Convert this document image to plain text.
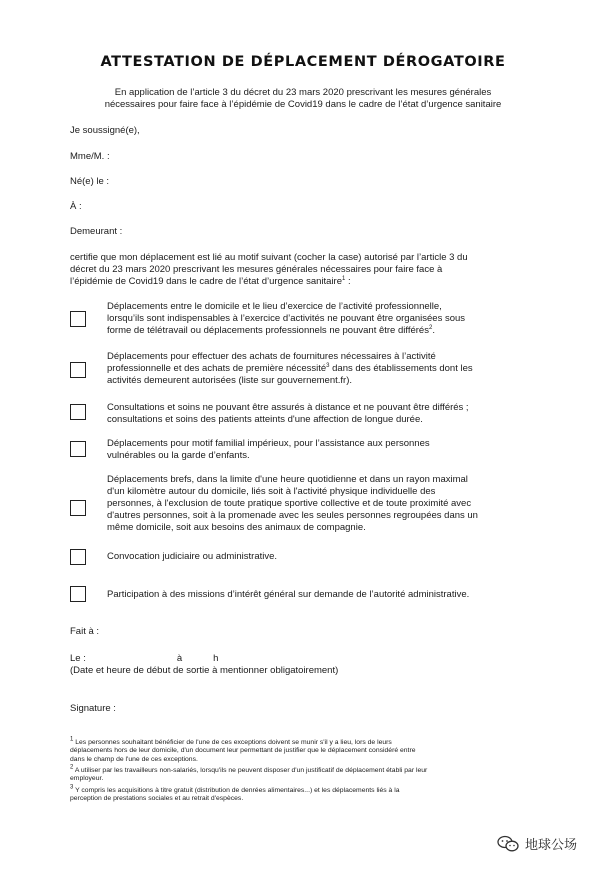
ATTESTATION DE DÉPLACEMENT DÉROGATOIRE
En application de l’article 3 du décret du 23 mars 2020 prescrivant les mesures générales
nécessaires pour faire face à l’épidémie de Covid19 dans le cadre de l’état d’urgence sanitaire
Je soussigné(e),
Mme/M. :
Né(e) le :
À :
Demeurant :
certifie que mon déplacement est lié au motif suivant (cocher la case) autorisé par l’article 3 du
décret du 23 mars 2020 prescrivant les mesures générales nécessaires pour faire face à
l’épidémie de Covid19 dans le cadre de l’état d’urgence sanitaire$^1$ :
Déplacements entre le domicile et le lieu d’exercice de l’activité professionnelle,
lorsqu’ils sont indispensables à l’exercice d’activités ne pouvant être organisées sous
forme de télétravail ou déplacements professionnels ne pouvant être différés$^2$.
Déplacements pour effectuer des achats de fournitures nécessaires à l’activité
professionnelle et des achats de première nécessité$^3$ dans des établissements dont les
activités demeurent autorisées (liste sur gouvernement.fr).
Consultations et soins ne pouvant être assurés à distance et ne pouvant être différés ;
consultations et soins des patients atteints d'une affection de longue durée.
Déplacements pour motif familial impérieux, pour l’assistance aux personnes
vulnérables ou la garde d’enfants.
Déplacements brefs, dans la limite d'une heure quotidienne et dans un rayon maximal
d'un kilomètre autour du domicile, liés soit à l'activité physique individuelle des
personnes, à l'exclusion de toute pratique sportive collective et de toute proximité avec
d'autres personnes, soit à la promenade avec les seules personnes regroupées dans un
même domicile, soit aux besoins des animaux de compagnie.
Convocation judiciaire ou administrative.
Participation à des missions d’intérêt général sur demande de l’autorité administrative.
Fait à :
Le :	à	h
(Date et heure de début de sortie à mentionner obligatoirement)
Signature :
$^1$ Les personnes souhaitant bénéficier de l'une de ces exceptions doivent se munir s'il y a lieu, lors de leurs
déplacements hors de leur domicile, d'un document leur permettant de justifier que le déplacement considéré entre
dans le champ de l'une de ces exceptions.
$^2$ A utiliser par les travailleurs non-salariés, lorsqu'ils ne peuvent disposer d'un justificatif de déplacement établi par leur
employeur.
$^3$ Y compris les acquisitions à titre gratuit (distribution de denrées alimentaires...) et les déplacements liés à la
perception de prestations sociales et au retrait d'espèces.
地球公场
